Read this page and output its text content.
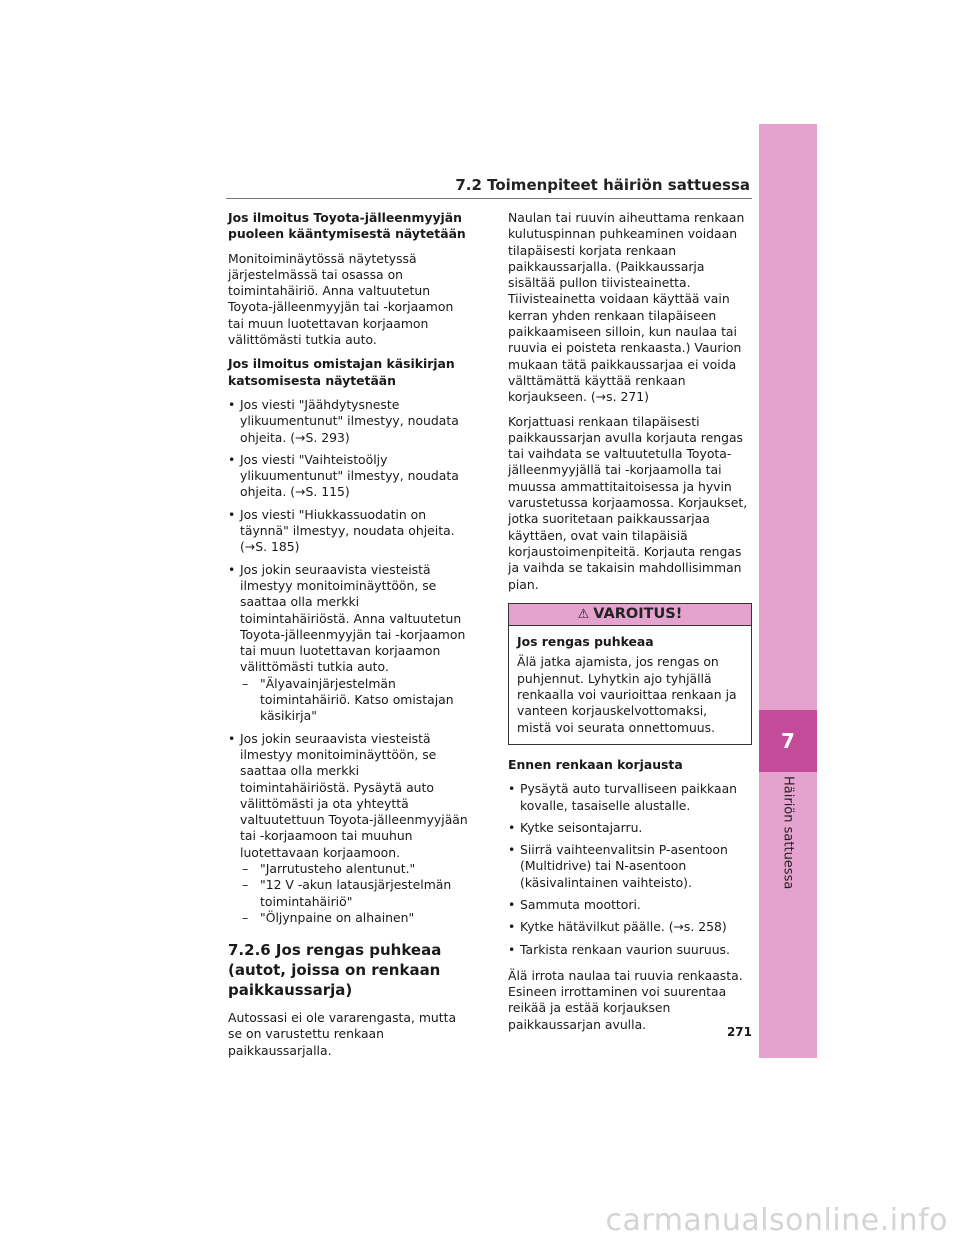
7.2 Toimenpiteet häiriön sattuessa
7
Häiriön sattuessa

Jos ilmoitus Toyota-jälleenmyyjän puoleen kääntymisestä näytetään

Monitoiminäytössä näytetyssä järjestelmässä tai osassa on toimintahäiriö. Anna valtuutetun Toyota-jälleenmyyjän tai -korjaamon tai muun luotettavan korjaamon välittömästi tutkia auto.

Jos ilmoitus omistajan käsikirjan katsomisesta näytetään

• Jos viesti "Jäähdytysneste ylikuumentunut" ilmestyy, noudata ohjeita. (→S. 293)
• Jos viesti "Vaihteistoöljy ylikuumentunut" ilmestyy, noudata ohjeita. (→S. 115)
• Jos viesti "Hiukkassuodatin on täynnä" ilmestyy, noudata ohjeita. (→S. 185)
• Jos jokin seuraavista viesteistä ilmestyy monitoiminäyttöön, se saattaa olla merkki toimintahäiriöstä. Anna valtuutetun Toyota-jälleenmyyjän tai -korjaamon tai muun luotettavan korjaamon välittömästi tutkia auto.
– "Älyavainjärjestelmän toimintahäiriö. Katso omistajan käsikirja"
• Jos jokin seuraavista viesteistä ilmestyy monitoiminäyttöön, se saattaa olla merkki toimintahäiriöstä. Pysäytä auto välittömästi ja ota yhteyttä valtuutettuun Toyota-jälleenmyyjään tai -korjaamoon tai muuhun luotettavaan korjaamoon.
– "Jarrutusteho alentunut."
– "12 V -akun latausjärjestelmän toimintahäiriö"
– "Öljynpaine on alhainen"
7.2.6 Jos rengas puhkeaa (autot, joissa on renkaan paikkaussarja)

Autossasi ei ole vararengasta, mutta se on varustettu renkaan paikkaussarjalla.

Naulan tai ruuvin aiheuttama renkaan kulutuspinnan puhkeaminen voidaan tilapäisesti korjata renkaan paikkaussarjalla. (Paikkaussarja sisältää pullon tiivisteainetta. Tiivisteainetta voidaan käyttää vain kerran yhden renkaan tilapäiseen paikkaamiseen silloin, kun naulaa tai ruuvia ei poisteta renkaasta.) Vaurion mukaan tätä paikkaussarjaa ei voida välttämättä käyttää renkaan korjaukseen. (→s. 271)

Korjattuasi renkaan tilapäisesti paikkaussarjan avulla korjauta rengas tai vaihdata se valtuutetulla Toyota-jälleenmyyjällä tai -korjaamolla tai muussa ammattitaitoisessa ja hyvin varustetussa korjaamossa. Korjaukset, jotka suoritetaan paikkaussarjaa käyttäen, ovat vain tilapäisiä korjaustoimenpiteitä. Korjauta rengas ja vaihda se takaisin mahdollisimman pian.

⚠ VAROITUS!

Jos rengas puhkeaa

Älä jatka ajamista, jos rengas on puhjennut. Lyhytkin ajo tyhjällä renkaalla voi vaurioittaa renkaan ja vanteen korjauskelvottomaksi, mistä voi seurata onnettomuus.

Ennen renkaan korjausta

• Pysäytä auto turvalliseen paikkaan kovalle, tasaiselle alustalle.
• Kytke seisontajarru.
• Siirrä vaihteenvalitsin P-asentoon (Multidrive) tai N-asentoon (käsivalintainen vaihteisto).
• Sammuta moottori.
• Kytke hätävilkut päälle. (→s. 258)
• Tarkista renkaan vaurion suuruus.

Älä irrota naulaa tai ruuvia renkaasta. Esineen irrottaminen voi suurentaa reikää ja estää korjauksen paikkaussarjan avulla.

271
carmanualsonline.info
